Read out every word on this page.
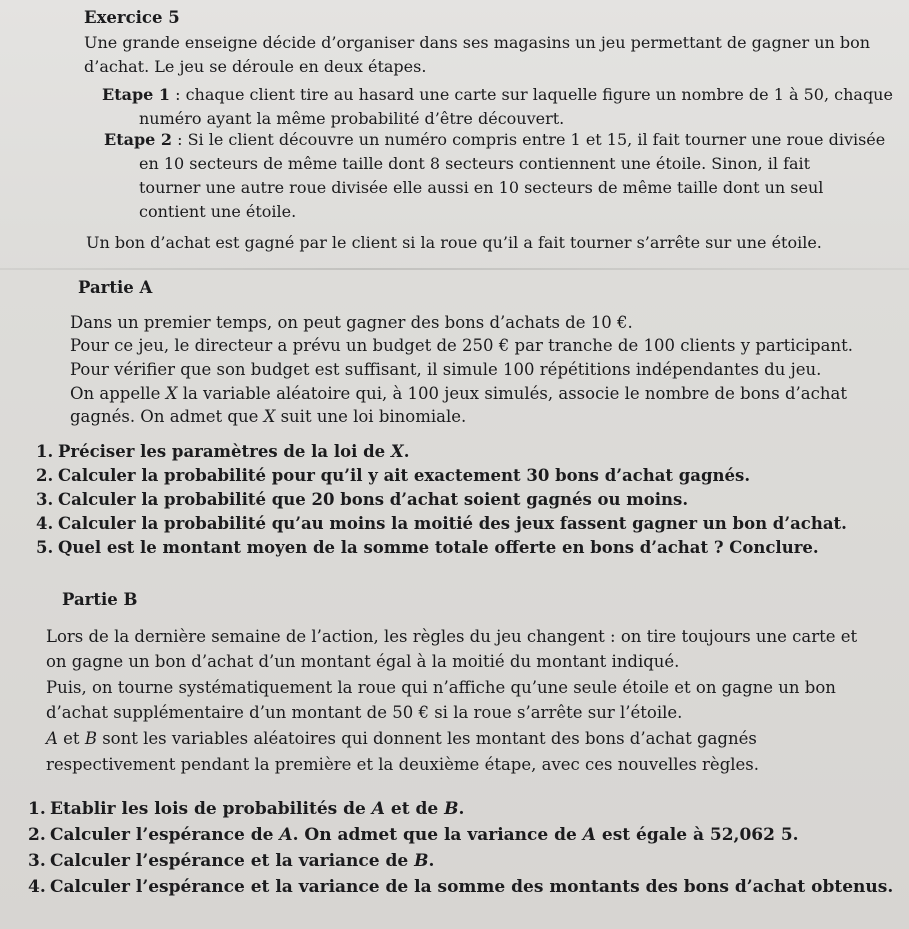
Exercice 5
Une grande enseigne décide d’organiser dans ses magasins un jeu permettant de gagner un bon
d’achat. Le jeu se déroule en deux étapes.
Etape 1 : chaque client tire au hasard une carte sur laquelle figure un nombre de 1 à 50, chaque
numéro ayant la même probabilité d’être découvert.
Etape 2 : Si le client découvre un numéro compris entre 1 et 15, il fait tourner une roue divisée
en 10 secteurs de même taille dont 8 secteurs contiennent une étoile. Sinon, il fait
tourner une autre roue divisée elle aussi en 10 secteurs de même taille dont un seul
contient une étoile.
Un bon d’achat est gagné par le client si la roue qu’il a fait tourner s’arrête sur une étoile.
Partie A
Dans un premier temps, on peut gagner des bons d’achats de 10 €.
Pour ce jeu, le directeur a prévu un budget de 250 € par tranche de 100 clients y participant.
Pour vérifier que son budget est suffisant, il simule 100 répétitions indépendantes du jeu.
On appelle X la variable aléatoire qui, à 100 jeux simulés, associe le nombre de bons d’achat
gagnés. On admet que X suit une loi binomiale.
1. Préciser les paramètres de la loi de X.
2. Calculer la probabilité pour qu’il y ait exactement 30 bons d’achat gagnés.
3. Calculer la probabilité que 20 bons d’achat soient gagnés ou moins.
4. Calculer la probabilité qu’au moins la moitié des jeux fassent gagner un bon d’achat.
5. Quel est le montant moyen de la somme totale offerte en bons d’achat ? Conclure.
Partie B
Lors de la dernière semaine de l’action, les règles du jeu changent : on tire toujours une carte et
on gagne un bon d’achat d’un montant égal à la moitié du montant indiqué.
Puis, on tourne systématiquement la roue qui n’affiche qu’une seule étoile et on gagne un bon
d’achat supplémentaire d’un montant de 50 € si la roue s’arrête sur l’étoile.
A et B sont les variables aléatoires qui donnent les montant des bons d’achat gagnés
respectivement pendant la première et la deuxième étape, avec ces nouvelles règles.
1. Etablir les lois de probabilités de A et de B.
2. Calculer l’espérance de A. On admet que la variance de A est égale à 52,062 5.
3. Calculer l’espérance et la variance de B.
4. Calculer l’espérance et la variance de la somme des montants des bons d’achat obtenus.
